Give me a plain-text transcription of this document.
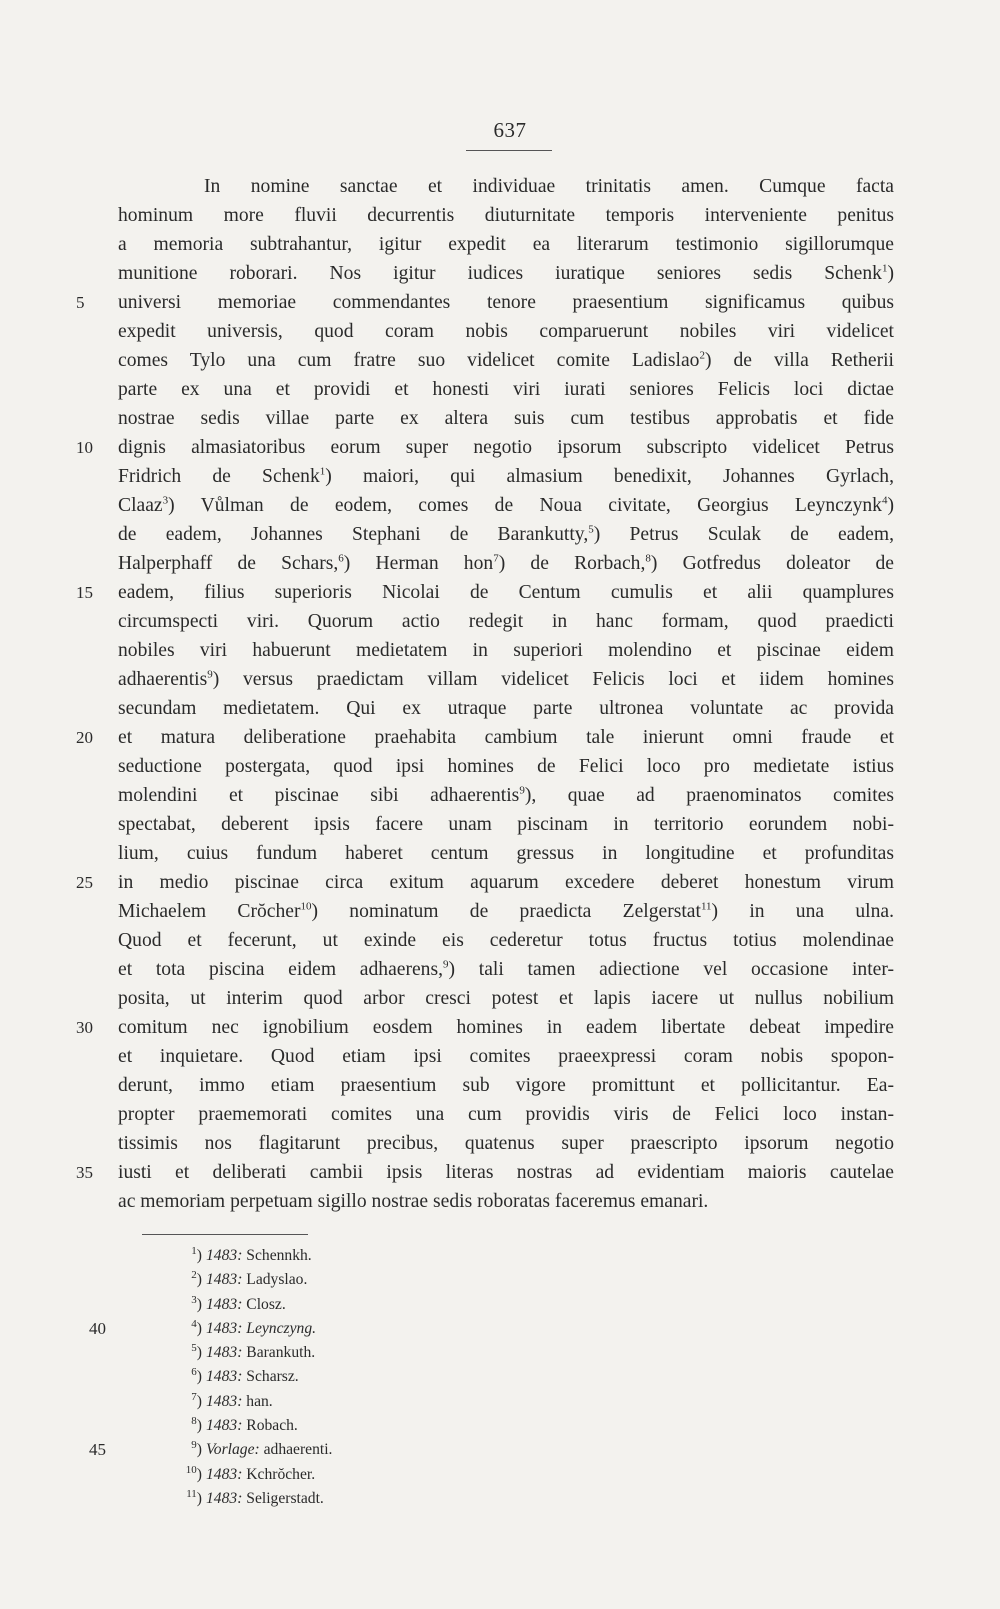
637
In nomine sanctae et individuae trinitatis amen. Cumque facta
hominum more fluvii decurrentis diuturnitate temporis interveniente penitus
a memoria subtrahantur, igitur expedit ea literarum testimonio sigillorumque
munitione roborari. Nos igitur iudices iuratique seniores sedis Schenk$^1$)
5	universi memoriae commendantes tenore praesentium significamus quibus
expedit universis, quod coram nobis comparuerunt nobiles viri videlicet
comes Tylo una cum fratre suo videlicet comite Ladislao$^2$) de villa Retherii
parte ex una et providi et honesti viri iurati seniores Felicis loci dictae
nostrae sedis villae parte ex altera suis cum testibus approbatis et fide
10	dignis almasiatoribus eorum super negotio ipsorum subscripto videlicet Petrus
Fridrich de Schenk$^1$) maiori, qui almasium benedixit, Johannes Gyrlach,
Claaz$^3$) Vůlman de eodem, comes de Noua civitate, Georgius Leynczynk$^4$)
de eadem, Johannes Stephani de Barankutty,$^5$) Petrus Sculak de eadem,
Halperphaff de Schars,$^6$) Herman hon$^7$) de Rorbach,$^8$) Gotfredus doleator de
15	eadem, filius superioris Nicolai de Centum cumulis et alii quamplures
circumspecti viri. Quorum actio redegit in hanc formam, quod praedicti
nobiles viri habuerunt medietatem in superiori molendino et piscinae eidem
adhaerentis$^9$) versus praedictam villam videlicet Felicis loci et iidem homines
secundam medietatem. Qui ex utraque parte ultronea voluntate ac provida
20	et matura deliberatione praehabita cambium tale inierunt omni fraude et
seductione postergata, quod ipsi homines de Felici loco pro medietate istius
molendini et piscinae sibi adhaerentis$^9$), quae ad praenominatos comites
spectabat, deberent ipsis facere unam piscinam in territorio eorundem nobi-
lium, cuius fundum haberet centum gressus in longitudine et profunditas
25	in medio piscinae circa exitum aquarum excedere deberet honestum virum
Michaelem Crŏcher$^{10}$) nominatum de praedicta Zelgerstat$^{11}$) in una ulna.
Quod et fecerunt, ut exinde eis cederetur totus fructus totius molendinae
et tota piscina eidem adhaerens,$^9$) tali tamen adiectione vel occasione inter-
posita, ut interim quod arbor cresci potest et lapis iacere ut nullus nobilium
30	comitum nec ignobilium eosdem homines in eadem libertate debeat impedire
et inquietare. Quod etiam ipsi comites praeexpressi coram nobis spopon-
derunt, immo etiam praesentium sub vigore promittunt et pollicitantur. Ea-
propter praememorati comites una cum providis viris de Felici loco instan-
tissimis nos flagitarunt precibus, quatenus super praescripto ipsorum negotio
35	iusti et deliberati cambii ipsis literas nostras ad evidentiam maioris cautelae
ac memoriam perpetuam sigillo nostrae sedis roboratas faceremus emanari.
$^1$) 1483: Schennkh.
$^2$) 1483: Ladyslao.
$^3$) 1483: Closz.
40	$^4$) 1483: Leynczyng.
$^5$) 1483: Barankuth.
$^6$) 1483: Scharsz.
$^7$) 1483: han.
$^8$) 1483: Robach.
45	$^9$) Vorlage: adhaerenti.
$^{10}$) 1483: Kchrŏcher.
$^{11}$) 1483: Seligerstadt.
